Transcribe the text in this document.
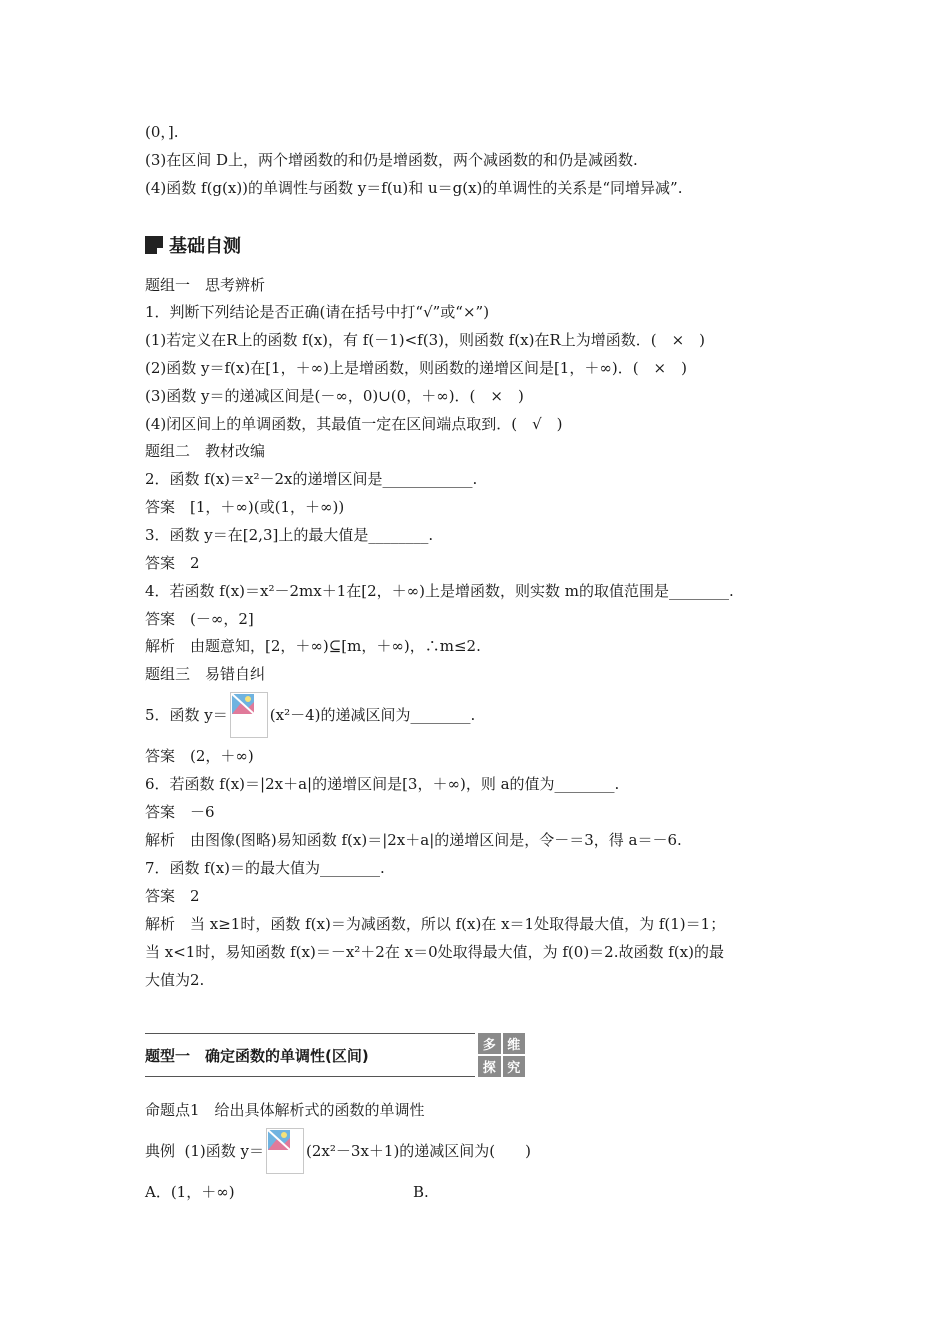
(0，].
(3)在区间 D上，两个增函数的和仍是增函数，两个减函数的和仍是减函数.
(4)函数 f(g(x))的单调性与函数 y＝f(u)和 u＝g(x)的单调性的关系是“同增异减”.
基础自测
题组一　思考辨析
1．判断下列结论是否正确(请在括号中打“√”或“×”)
(1)若定义在R上的函数 f(x)，有 f(－1)<f(3)，则函数 f(x)在R上为增函数．(　×　)
(2)函数 y＝f(x)在[1，＋∞)上是增函数，则函数的递增区间是[1，＋∞)．(　×　)
(3)函数 y＝的递减区间是(－∞，0)∪(0，＋∞)．(　×　)
(4)闭区间上的单调函数，其最值一定在区间端点取到．(　√　)
题组二　教材改编
2．函数 f(x)＝x²－2x的递增区间是____________.
答案　[1，＋∞)(或(1，＋∞))
3．函数 y＝在[2,3]上的最大值是________.
答案　2
4．若函数 f(x)＝x²－2mx＋1在[2，＋∞)上是增函数，则实数 m的取值范围是________.
答案　(－∞，2]
解析　由题意知，[2，＋∞)⊆[m，＋∞)，∴m≤2.
题组三　易错自纠
5．函数 y＝

	(x²－4)的递减区间为________.
答案　(2，＋∞)
6．若函数 f(x)＝|2x＋a|的递增区间是[3，＋∞)，则 a的值为________.
答案　－6
解析　由图像(图略)易知函数 f(x)＝|2x＋a|的递增区间是，令－＝3，得 a＝－6.
7．函数 f(x)＝的最大值为________.
答案　2
解析　当 x≥1时，函数 f(x)＝为减函数，所以 f(x)在 x＝1处取得最大值，为 f(1)＝1；
当 x<1时，易知函数 f(x)＝－x²＋2在 x＝0处取得最大值，为 f(0)＝2.故函数 f(x)的最
大值为2.
题型一　确定函数的单调性(区间)
多 维
探 究
命题点1　给出具体解析式的函数的单调性
典例  (1)函数 y＝

	(2x²－3x＋1)的递减区间为(　　)
A．(1，＋∞)	B.
